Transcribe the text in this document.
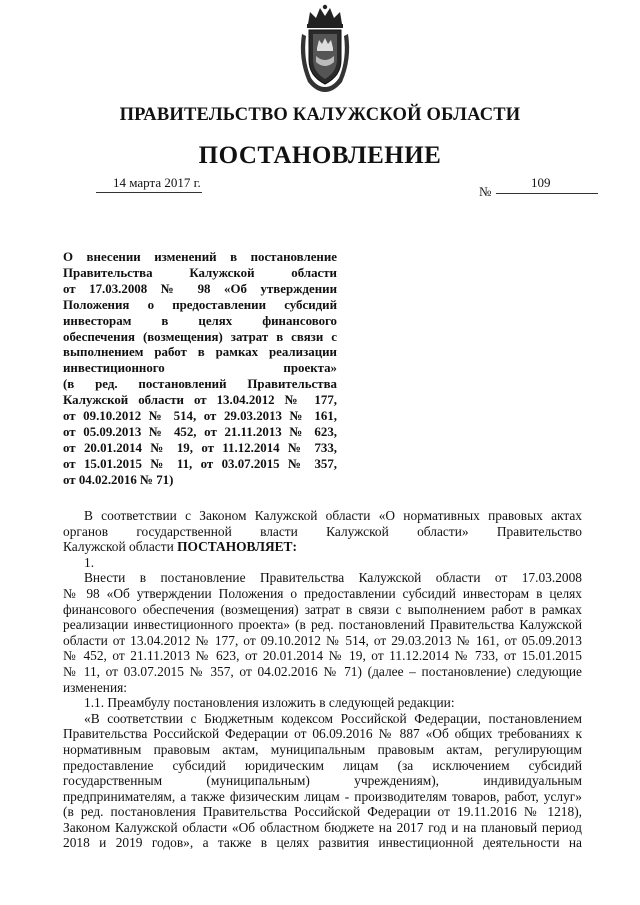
ПРАВИТЕЛЬСТВО КАЛУЖСКОЙ ОБЛАСТИ
ПОСТАНОВЛЕНИЕ
14 марта 2017 г.
№
109
О внесении изменений в постановление
Правительства Калужской области
от 17.03.2008 № 98 «Об утверждении
Положения о предоставлении субсидий
инвесторам в целях финансового
обеспечения (возмещения) затрат в связи с
выполнением работ в рамках реализации
инвестиционного проекта»
(в ред. постановлений Правительства
Калужской области от 13.04.2012 № 177,
от 09.10.2012 № 514, от 29.03.2013 № 161,
от 05.09.2013 № 452, от 21.11.2013 № 623,
от 20.01.2014 № 19, от 11.12.2014 № 733,
от 15.01.2015 № 11, от 03.07.2015 № 357,
от 04.02.2016 № 71)
В соответствии с Законом Калужской области «О нормативных правовых актах
органов государственной власти Калужской области» Правительство
Калужской области ПОСТАНОВЛЯЕТ:
1.
Внести в постановление Правительства Калужской области от 17.03.2008
№ 98 «Об утверждении Положения о предоставлении субсидий инвесторам в целях
финансового обеспечения (возмещения) затрат в связи с выполнением работ в рамках
реализации инвестиционного проекта» (в ред. постановлений Правительства Калужской
области от 13.04.2012 № 177, от 09.10.2012 № 514, от 29.03.2013 № 161, от 05.09.2013
№ 452, от 21.11.2013 № 623, от 20.01.2014 № 19, от 11.12.2014 № 733, от 15.01.2015
№ 11, от 03.07.2015 № 357, от 04.02.2016 № 71) (далее – постановление) следующие
изменения:
1.1. Преамбулу постановления изложить в следующей редакции:
«В соответствии с Бюджетным кодексом Российской Федерации, постановлением
Правительства Российской Федерации от 06.09.2016 № 887 «Об общих требованиях к
нормативным правовым актам, муниципальным правовым актам, регулирующим
предоставление субсидий юридическим лицам (за исключением субсидий
государственным (муниципальным) учреждениям), индивидуальным
предпринимателям, а также физическим лицам - производителям товаров, работ, услуг»
(в ред. постановления Правительства Российской Федерации от 19.11.2016 № 1218),
Законом Калужской области «Об областном бюджете на 2017 год и на плановый период
2018 и 2019 годов», а также в целях развития инвестиционной деятельности на
